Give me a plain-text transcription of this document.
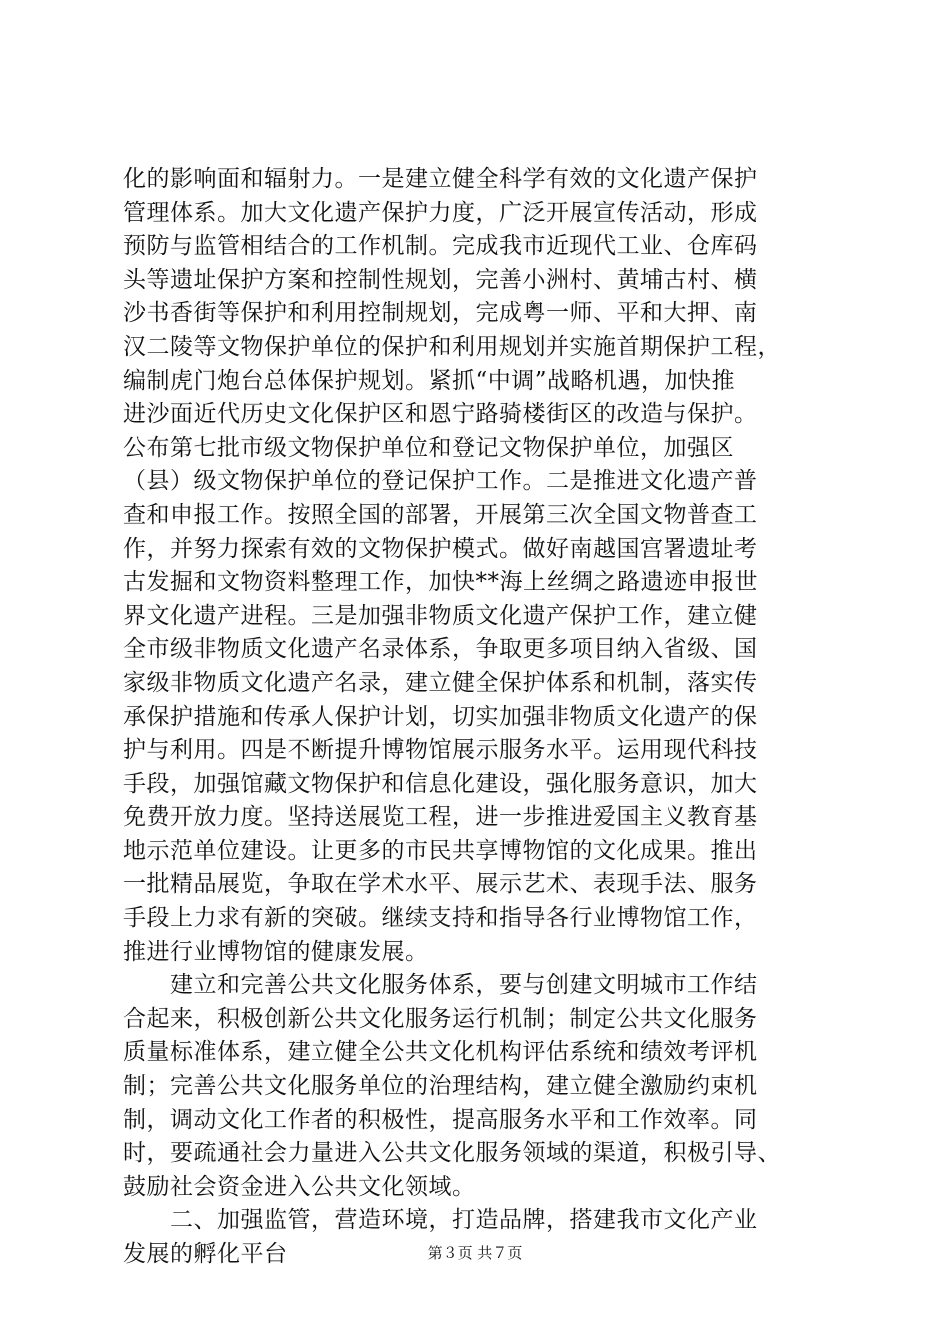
化的影响面和辐射力。一是建立健全科学有效的文化遗产保护
管理体系。加大文化遗产保护力度，广泛开展宣传活动，形成
预防与监管相结合的工作机制。完成我市近现代工业、仓库码
头等遗址保护方案和控制性规划，完善小洲村、黄埔古村、横
沙书香街等保护和利用控制规划，完成粤一师、平和大押、南
汉二陵等文物保护单位的保护和利用规划并实施首期保护工程，
编制虎门炮台总体保护规划。紧抓“中调”战略机遇，加快推
进沙面近代历史文化保护区和恩宁路骑楼街区的改造与保护。
公布第七批市级文物保护单位和登记文物保护单位，加强区
（县）级文物保护单位的登记保护工作。二是推进文化遗产普
查和申报工作。按照全国的部署，开展第三次全国文物普查工
作，并努力探索有效的文物保护模式。做好南越国宫署遗址考
古发掘和文物资料整理工作，加快**海上丝绸之路遗迹申报世
界文化遗产进程。三是加强非物质文化遗产保护工作，建立健
全市级非物质文化遗产名录体系，争取更多项目纳入省级、国
家级非物质文化遗产名录，建立健全保护体系和机制，落实传
承保护措施和传承人保护计划，切实加强非物质文化遗产的保
护与利用。四是不断提升博物馆展示服务水平。运用现代科技
手段，加强馆藏文物保护和信息化建设，强化服务意识，加大
免费开放力度。坚持送展览工程，进一步推进爱国主义教育基
地示范单位建设。让更多的市民共享博物馆的文化成果。推出
一批精品展览，争取在学术水平、展示艺术、表现手法、服务
手段上力求有新的突破。继续支持和指导各行业博物馆工作，
推进行业博物馆的健康发展。
　　建立和完善公共文化服务体系，要与创建文明城市工作结
合起来，积极创新公共文化服务运行机制；制定公共文化服务
质量标准体系，建立健全公共文化机构评估系统和绩效考评机
制；完善公共文化服务单位的治理结构，建立健全激励约束机
制，调动文化工作者的积极性，提高服务水平和工作效率。同
时，要疏通社会力量进入公共文化服务领域的渠道，积极引导、
鼓励社会资金进入公共文化领域。
　　二、加强监管，营造环境，打造品牌，搭建我市文化产业
发展的孵化平台	第３页 共７页
